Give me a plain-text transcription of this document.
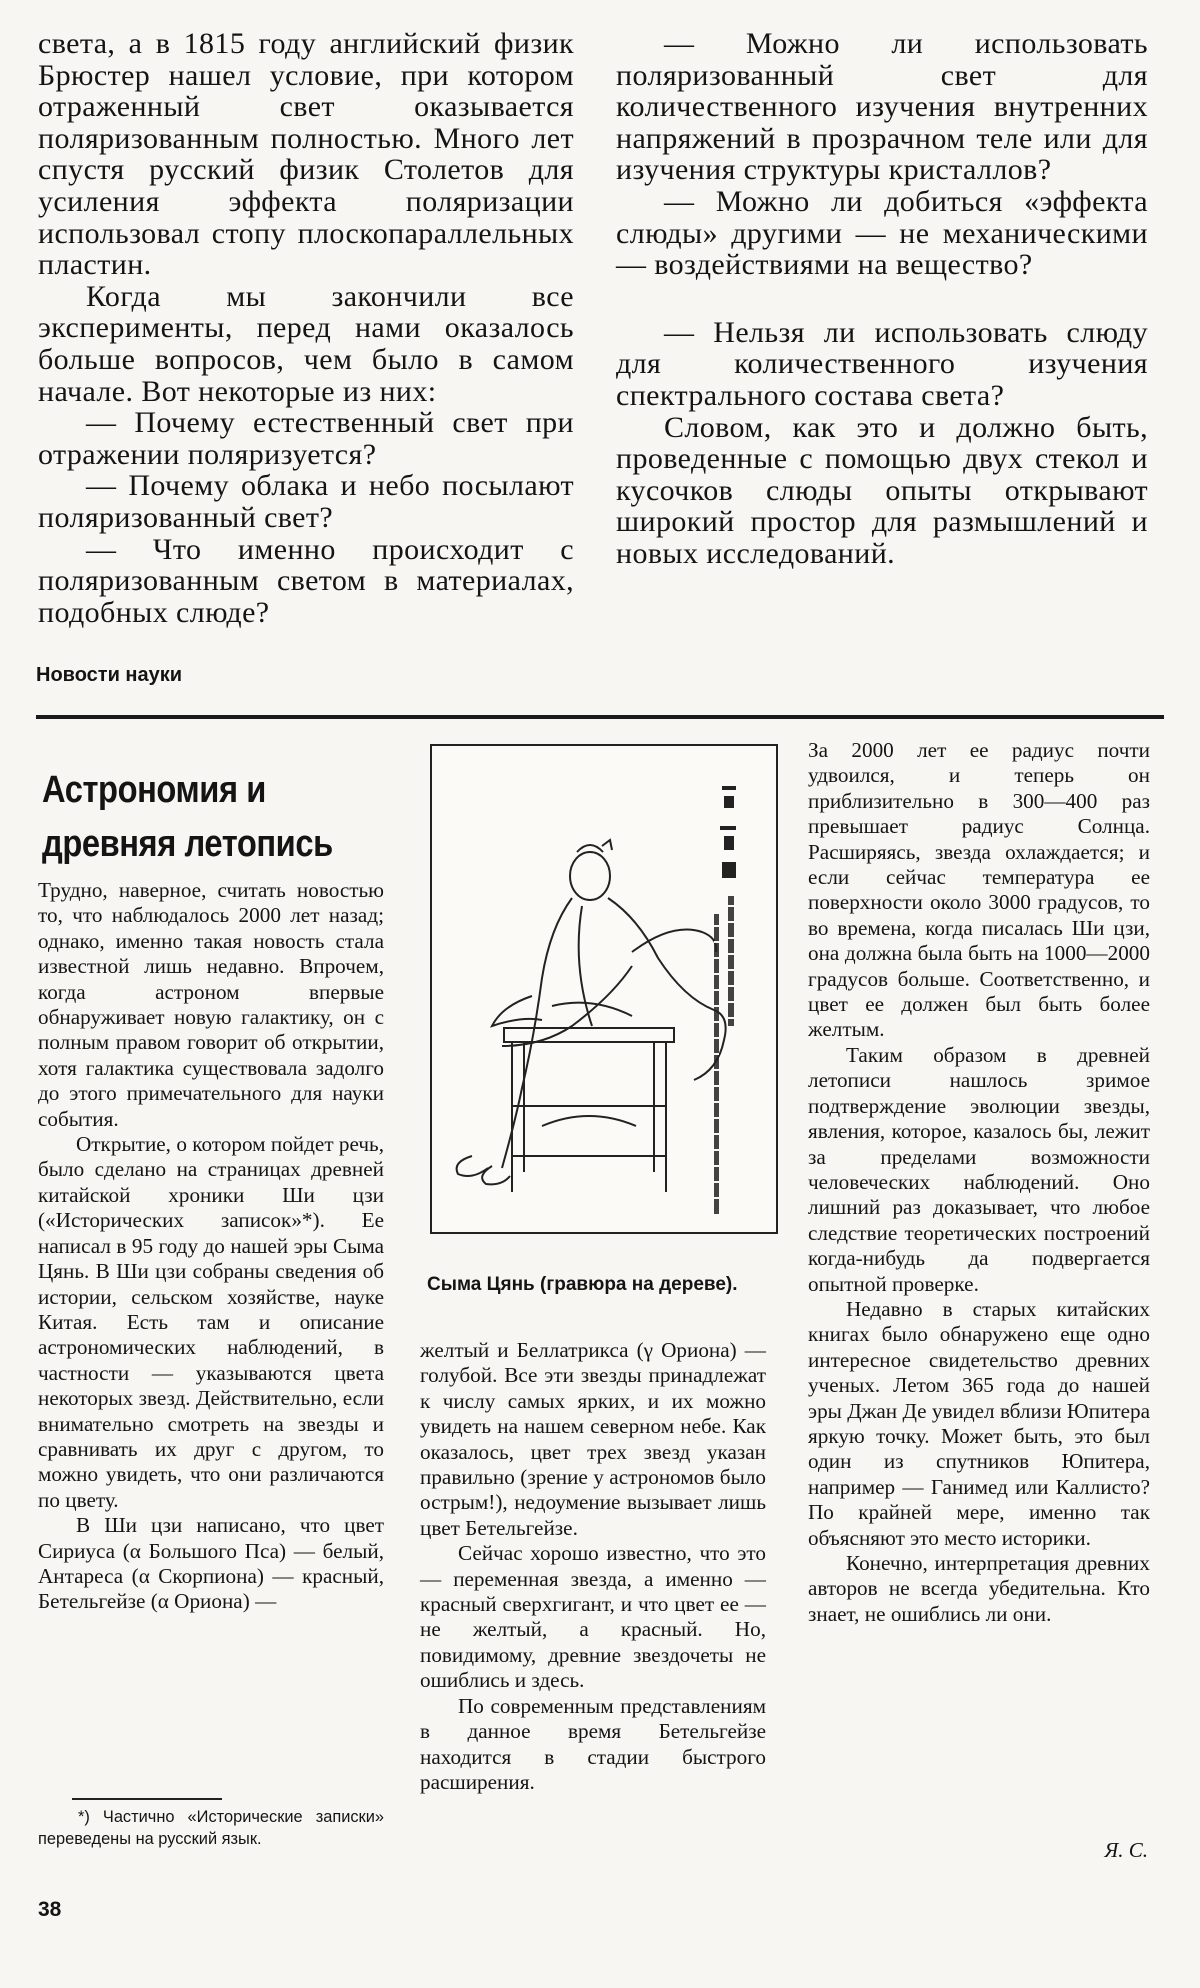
света, а в 1815 году английский физик Брюстер нашел условие, при котором отраженный свет оказывается поляризованным полностью. Много лет спустя русский физик Столетов для усиления эффекта поляризации использовал стопу плоскопараллельных пластин.

Когда мы закончили все эксперименты, перед нами оказалось больше вопросов, чем было в самом начале. Вот некоторые из них:

— Почему естественный свет при отражении поляризуется?

— Почему облака и небо посылают поляризованный свет?

— Что именно происходит с поляризованным светом в материалах, подобных слюде?

— Можно ли использовать поляризованный свет для количественного изучения внутренних напряжений в прозрачном теле или для изучения структуры кристаллов?

— Можно ли добиться «эффекта слюды» другими — не механическими — воздействиями на вещество?

— Нельзя ли использовать слюду для количественного изучения спектрального состава света?

Словом, как это и должно быть, проведенные с помощью двух стекол и кусочков слюды опыты открывают широкий простор для размышлений и новых исследований.

Новости науки
Астрономия и древняя летопись

Трудно, наверное, считать новостью то, что наблюдалось 2000 лет назад; однако, именно такая новость стала известной лишь недавно. Впрочем, когда астроном впервые обнаруживает новую галактику, он с полным правом говорит об открытии, хотя галактика существовала задолго до этого примечательного для науки события.

Открытие, о котором пойдет речь, было сделано на страницах древней китайской хроники Ши цзи («Исторических записок»*). Ее написал в 95 году до нашей эры Сыма Цянь. В Ши цзи собраны сведения об истории, сельском хозяйстве, науке Китая. Есть там и описание астрономических наблюдений, в частности — указываются цвета некоторых звезд. Действительно, если внимательно смотреть на звезды и сравнивать их друг с другом, то можно увидеть, что они различаются по цвету.

В Ши цзи написано, что цвет Сириуса (α Большого Пса) — белый, Антареса (α Скорпиона) — красный, Бетельгейзе (α Ориона) —

Сыма Цянь (гравюра на дереве).

желтый и Беллатрикса (γ Ориона) — голубой. Все эти звезды принадлежат к числу самых ярких, и их можно увидеть на нашем северном небе. Как оказалось, цвет трех звезд указан правильно (зрение у астрономов было острым!), недоумение вызывает лишь цвет Бетельгейзе.

Сейчас хорошо известно, что это — переменная звезда, а именно — красный сверхгигант, и что цвет ее — не желтый, а красный. Но, повидимому, древние звездочеты не ошиблись и здесь.

По современным представлениям в данное время Бетельгейзе находится в стадии быстрого расширения.

За 2000 лет ее радиус почти удвоился, и теперь он приблизительно в 300—400 раз превышает радиус Солнца. Расширяясь, звезда охлаждается; и если сейчас температура ее поверхности около 3000 градусов, то во времена, когда писалась Ши цзи, она должна была быть на 1000—2000 градусов больше. Соответственно, и цвет ее должен был быть более желтым.

Таким образом в древней летописи нашлось зримое подтверждение эволюции звезды, явления, которое, казалось бы, лежит за пределами возможности человеческих наблюдений. Оно лишний раз доказывает, что любое следствие теоретических построений когда-нибудь да подвергается опытной проверке.

Недавно в старых китайских книгах было обнаружено еще одно интересное свидетельство древних ученых. Летом 365 года до нашей эры Джан Де увидел вблизи Юпитера яркую точку. Может быть, это был один из спутников Юпитера, например — Ганимед или Каллисто? По крайней мере, именно так объясняют это место историки.

Конечно, интерпретация древних авторов не всегда убедительна. Кто знает, не ошиблись ли они.

*) Частично «Исторические записки» переведены на русский язык.	Я. С.
38
